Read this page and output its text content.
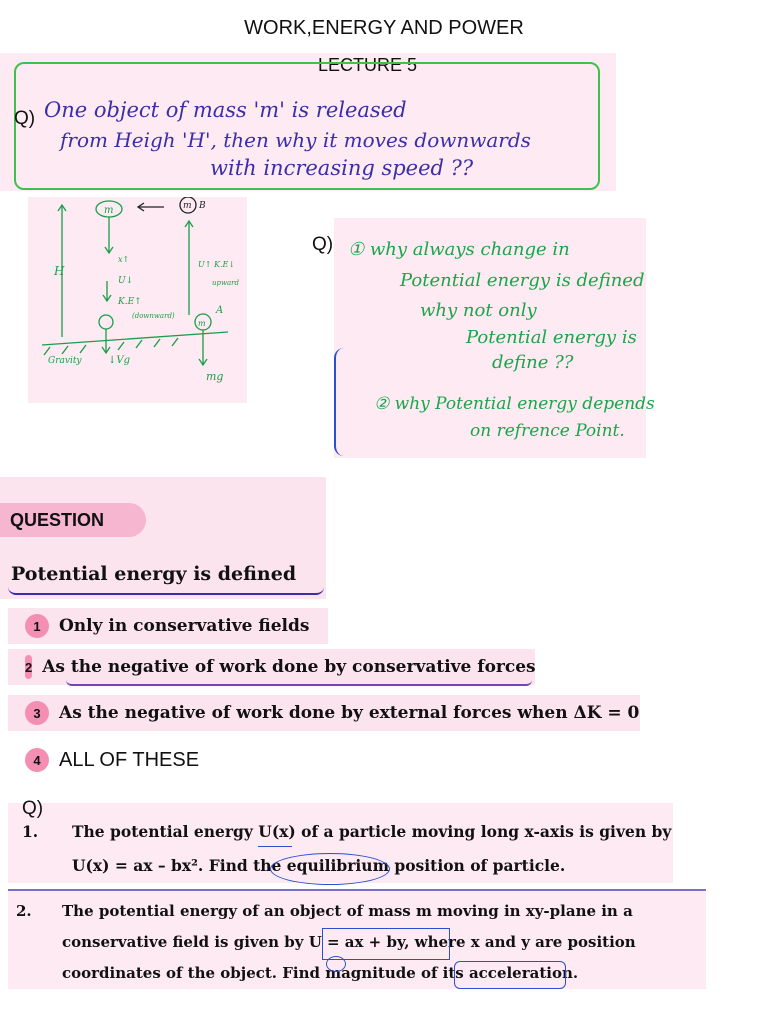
WORK,ENERGY AND POWER
LECTURE 5
Q) One object of mass 'm' is released
from Heigh 'H', then why it moves downwards
with increasing speed ??
m
H
x↑
U↓
K.E↑
(downward)
U↑ K.E↓
upward
A
m
Gravity	↓Vg
mg
m B
Q) ① why always change in
Potential energy is defined
why not only
Potential energy is
define ??
② why Potential energy depends
on refrence Point.
QUESTION
Potential energy is defined
1	Only in conservative fields
2 As the negative of work done by conservative forces
3	As the negative of work done by external forces when ΔK = 0
4 ALL OF THESE
Q)
1. The potential energy U(x) of a particle moving long x-axis is given by
U(x) = ax – bx². Find the equilibrium position of particle.
2. The potential energy of an object of mass m moving in xy-plane in a
conservative field is given by U = ax + by, where x and y are position
coordinates of the object. Find magnitude of its acceleration.
